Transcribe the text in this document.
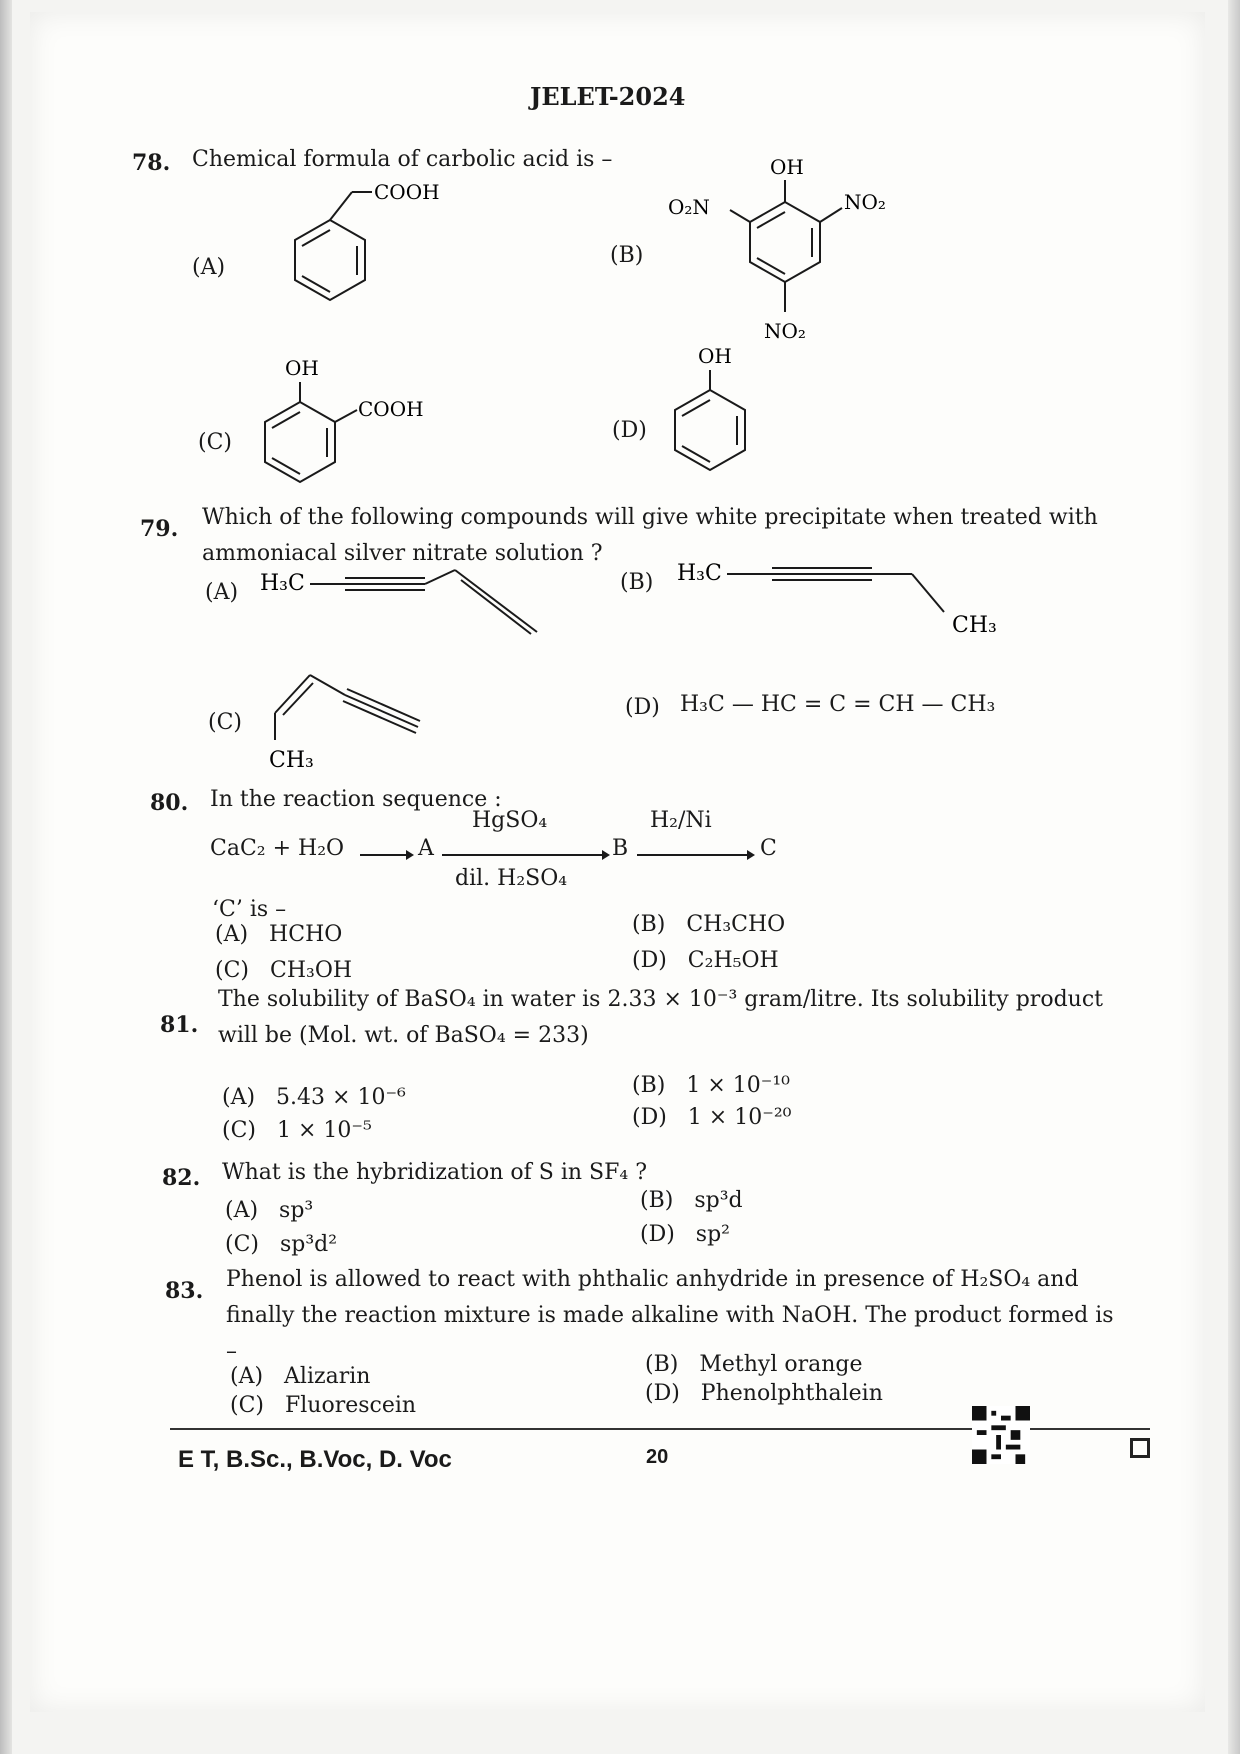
JELET-2024
78. Chemical formula of carbolic acid is –
(A)
COOH
(B)
OH
O₂N	NO₂
NO₂
(C)
OH
COOH
(D)
OH
79. Which of the following compounds will give white precipitate when treated with ammoniacal silver nitrate solution ?
(A) H₃C	(B) H₃C
CH₃
(C)
CH₃
(D) H₃C — HC = C = CH — CH₃
80. In the reaction sequence :
CaC₂ + H₂O	A
HgSO₄
dil. H₂SO₄
B
H₂/Ni
C
‘C’ is –
(A) HCHO	(B) CH₃CHO
(C) CH₃OH	(D) C₂H₅OH
81.
The solubility of BaSO₄ in water is 2.33 × 10⁻³ gram/litre. Its solubility product will be (Mol. wt. of BaSO₄ = 233)
(A) 5.43 × 10⁻⁶	(B) 1 × 10⁻¹⁰
(C) 1 × 10⁻⁵
(D) 1 × 10⁻²⁰
82. What is the hybridization of S in SF₄ ?
(A) sp³	(B) sp³d
(C) sp³d²	(D) sp²
83. Phenol is allowed to react with phthalic anhydride in presence of H₂SO₄ and finally the reaction mixture is made alkaline with NaOH. The product formed is –
(A) Alizarin	(B) Methyl orange
(C) Fluorescein	(D) Phenolphthalein
E T, B.Sc., B.Voc, D. Voc	20
